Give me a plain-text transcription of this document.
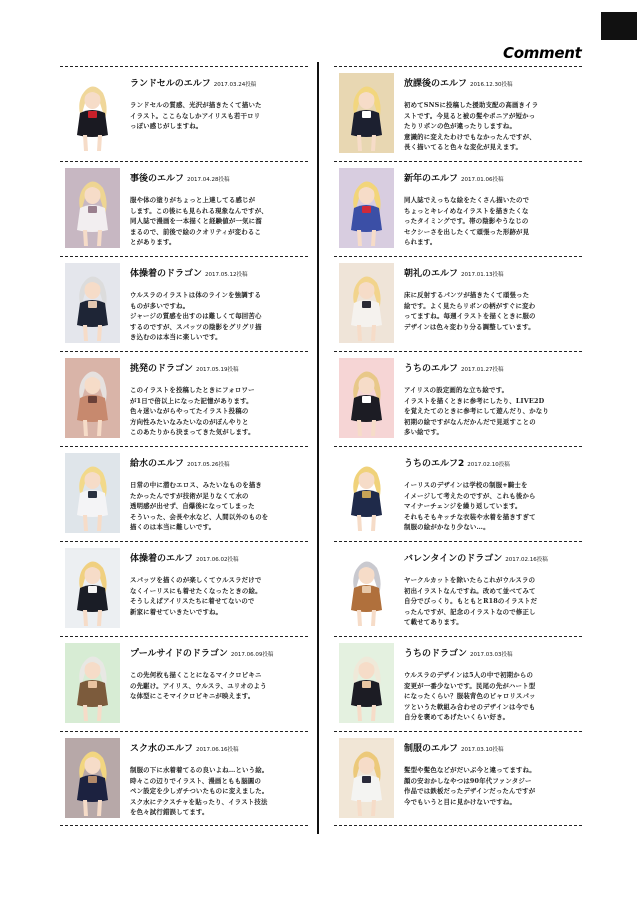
Comment
ランドセルのエルフ 2017.03.24投稿
ランドセルの質感、光沢が描きたくて描いた
イラスト。ここらなしかアイリスも若干ロリ
っぽい感じがしますね。
事後のエルフ 2017.04.28投稿
服や体の塗りがちょっと上達してる感じが
します。この後にも見られる現象なんですが、
同人誌で漫画を一本描くと経験値が一気に溜
まるので、前後で絵のクオリティが変わるこ
とがあります。
体操着のドラゴン 2017.05.12投稿
ウルスラのイラストは体のラインを強調する
ものが多いですね。
ジャージの質感を出すのは難しくて毎回苦心
するのですが、スパッツの陰影をグリグリ描
き込むのは本当に楽しいです。
挑発のドラゴン 2017.05.19投稿
このイラストを投稿したときにフォロワー
が1日で倍以上になった記憶があります。
色々迷いながらやってたイラスト投稿の
方向性みたいなみたいなのがぼんやりと
このあたりから決まってきた気がします。
給水のエルフ 2017.05.26投稿
日常の中に潜むエロス、みたいなものを描き
たかったんですが技術が足りなくて水の
透明感が出せず、自爆後になってしまった
そういった、会長や水など、人間以外のものを
描くのは本当に難しいです。
体操着のエルフ 2017.06.02投稿
スパッツを描くのが楽しくてウルスラだけで
なくイーリスにも着せたくなったときの絵。
そうしえばアイリスたちに着せてないので
新家に着せていきたいですね。
プールサイドのドラゴン 2017.06.09投稿
この先何枚も描くことになるマイクロビキニ
の先駆け。アイリス、ウルスラ、ユリオのよう
な体型にこそマイクロビキニが映えます。
スク水のエルフ 2017.06.16投稿
制服の下に水着着てるの良いよね…という絵。
時々この辺りでイラスト、漫画ともも脳圓の
ペン設定を少しガチついたものに変えました。
スク水にテクスチャを貼ったり、イラスト技法
を色々試行錯誤してます。
放課後のエルフ 2016.12.30投稿
初めてSNSに投稿した援助支配の高画きイラ
ストです。今見ると被の髪やポニアが短かっ
たりリボンの色が違ったりしますね。
意識的に変えたわけでもなかったんですが、
長く描いてると色々な変化が見えます。
新年のエルフ 2017.01.06投稿
同人誌でえっちな絵をたくさん描いたので
ちょっとキレイめなイラストを描きたくな
ったタイミングです。帯の陰影やうなじの
セクシーさを出したくて頑張った形跡が見
られます。
朝礼のエルフ 2017.01.13投稿
床に反射するパンツが描きたくて頑張った
絵です。よく見たらリボンの柄がすぐに変わ
ってますね。毎週イラストを描くときに服の
デザインは色々変わり分る調整しています。
うちのエルフ 2017.01.27投稿
アイリスの設定画的な立ち絵です。
イラストを描くときに参考にしたり、LIVE2D
を覚えたてのときに参考にして遊んだり、かなり
初期の絵ですがなんだかんだで見返すことの
多い絵です。
うちのエルフ2 2017.02.10投稿
イーリスのデザインは学校の制服+騎士を
イメージして考えたのですが、これも後から
マイナーチェンジを繰り返しています。
それもそもキッチな衣装や水着を描きすぎて
制服の絵がかなり少ない…。
バレンタインのドラゴン 2017.02.16投稿
ヤークルカットを除いたらこれがウルスラの
初出イラストなんですね。改めて並べてみて
自分でびっくり。もともとR18のイラストだ
ったんですが、記念のイラストなので修正し
て載せてあります。
うちのドラゴン 2017.03.03投稿
ウルスラのデザインは5人の中で初期からの
変更が一番少ないです。民尾の先がハート型
になったくらい？服装背色のビャロリスパッ
ツというた軟組み合わせのデザインは今でも
自分を褒めてあげたいくらい好き。
制服のエルフ 2017.03.10投稿
髪型や髪色などがだいぶ今と違ってますね。
顔の安おかしなやつは90年代ファンタジー
作品では鉄板だったデザインだったんですが
今でもいうと目に見かけないですね。
